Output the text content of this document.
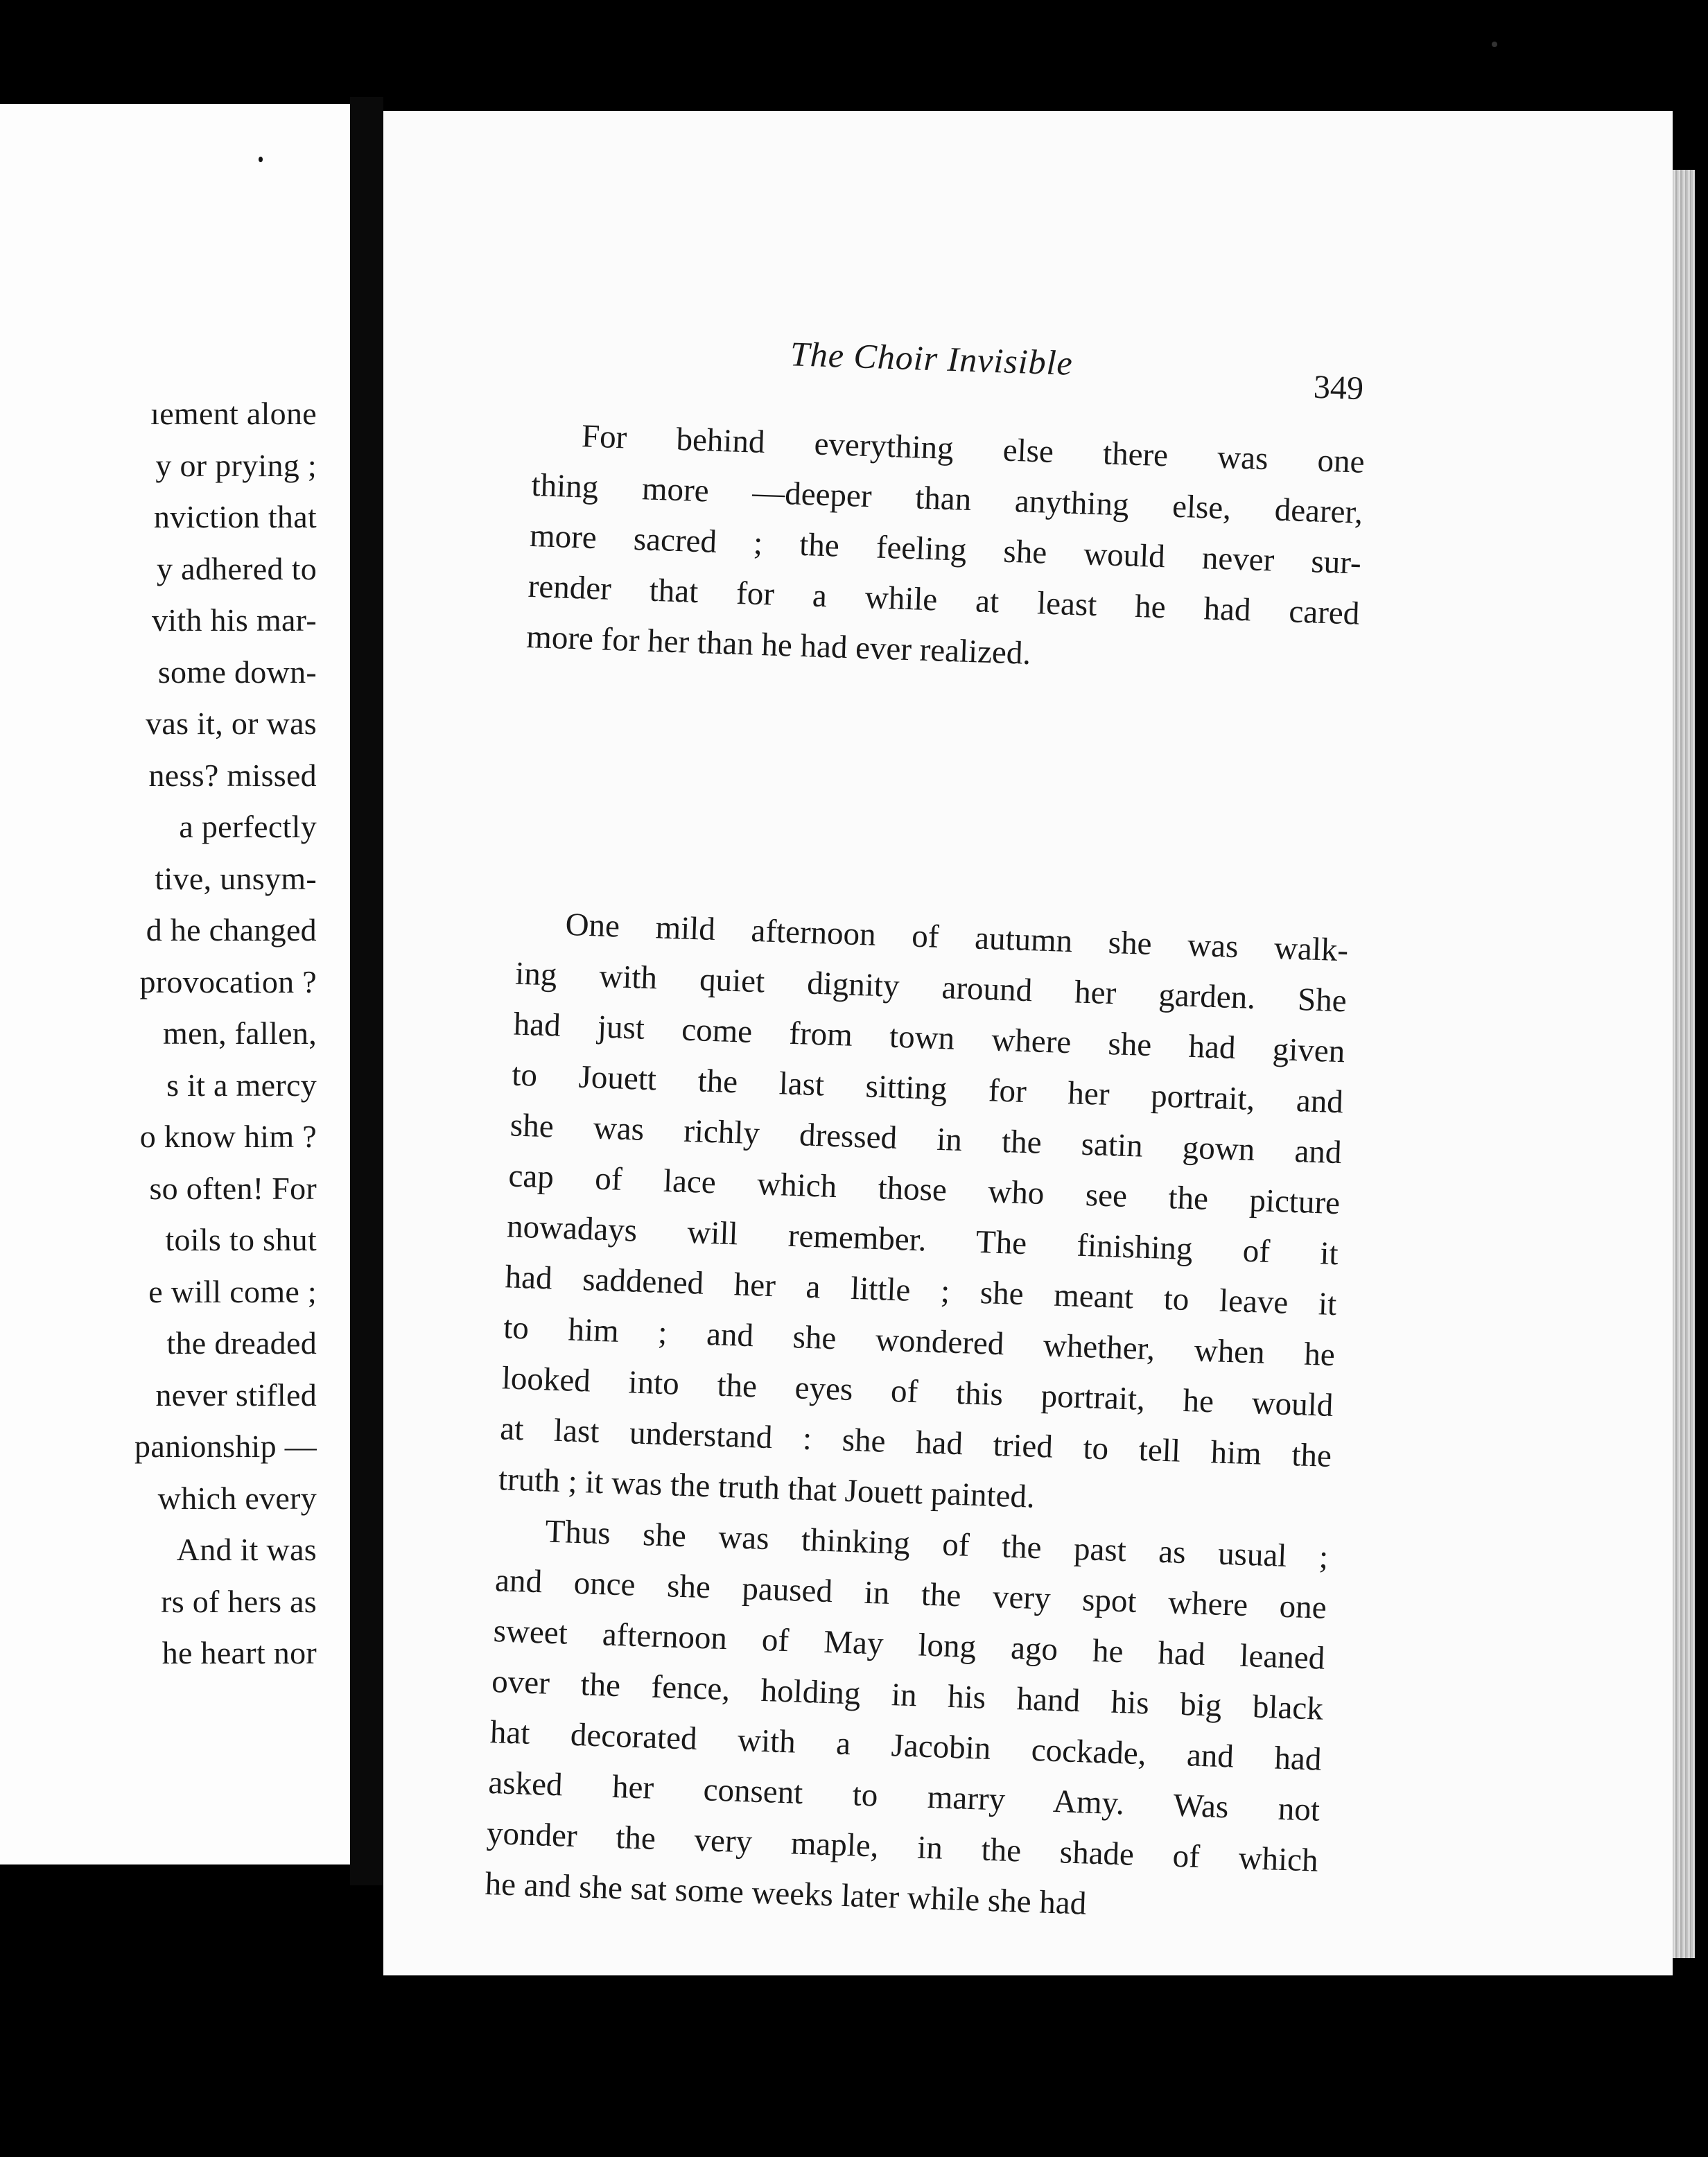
ıement alone
y or prying ;
nviction that
y adhered to
vith his mar-
some down-
vas it, or was
ness? missed
a perfectly
tive, unsym-
d he changed
provocation ?
men, fallen,
s it a mercy
o know him ?
so often! For
toils to shut
e will come ;
the dreaded
never stifled
panionship —
which every
And it was
rs of hers as
he heart nor
The Choir Invisible
349
For behind everything else there was one
thing more —deeper than anything else, dearer,
more sacred ; the feeling she would never sur-
render that for a while at least he had cared
more for her than he had ever realized.
One mild afternoon of autumn she was walk-
ing with quiet dignity around her garden. She
had just come from town where she had given
to Jouett the last sitting for her portrait, and
she was richly dressed in the satin gown and
cap of lace which those who see the picture
nowadays will remember. The finishing of it
had saddened her a little ; she meant to leave it
to him ; and she wondered whether, when he
looked into the eyes of this portrait, he would
at last understand : she had tried to tell him the
truth ; it was the truth that Jouett painted.
Thus she was thinking of the past as usual ;
and once she paused in the very spot where one
sweet afternoon of May long ago he had leaned
over the fence, holding in his hand his big black
hat decorated with a Jacobin cockade, and had
asked her consent to marry Amy. Was not
yonder the very maple, in the shade of which
he and she sat some weeks later while she had
